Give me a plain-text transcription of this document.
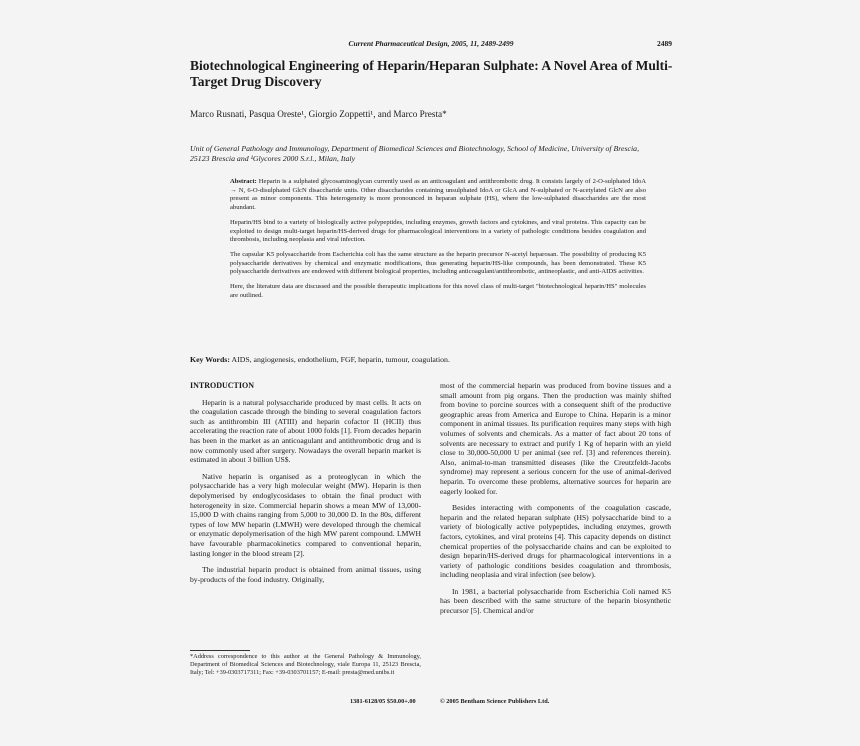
Current Pharmaceutical Design, 2005, 11, 2489-2499	2489
Biotechnological Engineering of Heparin/Heparan Sulphate: A Novel Area of Multi-Target Drug Discovery
Marco Rusnati, Pasqua Oreste¹, Giorgio Zoppetti¹, and Marco Presta*
Unit of General Pathology and Immunology, Department of Biomedical Sciences and Biotechnology, School of Medicine, University of Brescia, 25123 Brescia and ¹Glycores 2000 S.r.l., Milan, Italy

Abstract: Heparin is a sulphated glycosaminoglycan currently used as an anticoagulant and antithrombotic drug. It consists largely of 2-O-sulphated IdoA → N, 6-O-disulphated GlcN disaccharide units. Other disaccharides containing unsulphated IdoA or GlcA and N-sulphated or N-acetylated GlcN are also present as minor components. This heterogeneity is more pronounced in heparan sulphate (HS), where the low-sulphated disaccharides are the most abundant.

Heparin/HS bind to a variety of biologically active polypeptides, including enzymes, growth factors and cytokines, and viral proteins. This capacity can be exploited to design multi-target heparin/HS-derived drugs for pharmacological interventions in a variety of pathologic conditions besides coagulation and thrombosis, including neoplasia and viral infection.

The capsular K5 polysaccharide from Escherichia coli has the same structure as the heparin precursor N-acetyl heparosan. The possibility of producing K5 polysaccharide derivatives by chemical and enzymatic modifications, thus generating heparin/HS-like compounds, has been demonstrated. These K5 polysaccharide derivatives are endowed with different biological properties, including anticoagulant/antithrombotic, antineoplastic, and anti-AIDS activities.

Here, the literature data are discussed and the possible therapeutic implications for this novel class of multi-target "biotechnological heparin/HS" molecules are outlined.

Key Words: AIDS, angiogenesis, endothelium, FGF, heparin, tumour, coagulation.
INTRODUCTION

Heparin is a natural polysaccharide produced by mast cells. It acts on the coagulation cascade through the binding to several coagulation factors such as antithrombin III (ATIII) and heparin cofactor II (HCII) thus accelerating the reaction rate of about 1000 folds [1]. From decades heparin has been in the market as an anticoagulant and antithrombotic drug and is now commonly used after surgery. Nowadays the overall heparin market is estimated in about 3 billion US$.

Native heparin is organised as a proteoglycan in which the polysaccharide has a very high molecular weight (MW). Heparin is then depolymerised by endoglycosidases to obtain the final product with heterogeneity in size. Commercial heparin shows a mean MW of 13,000-15,000 D with chains ranging from 5,000 to 30,000 D. In the 80s, different types of low MW heparin (LMWH) were developed through the chemical or enzymatic depolymerisation of the high MW parent compound. LMWH have favourable pharmacokinetics compared to conventional heparin, lasting longer in the blood stream [2].

The industrial heparin product is obtained from animal tissues, using by-products of the food industry. Originally,

most of the commercial heparin was produced from bovine tissues and a small amount from pig organs. Then the production was mainly shifted from bovine to porcine sources with a consequent shift of the productive geographic areas from America and Europe to China. Heparin is a minor component in animal tissues. Its purification requires many steps with high volumes of solvents and chemicals. As a matter of fact about 20 tons of solvents are necessary to extract and purify 1 Kg of heparin with an yield close to 30,000-50,000 U per animal (see ref. [3] and references therein). Also, animal-to-man transmitted diseases (like the Creutzfeldt-Jacobs syndrome) may represent a serious concern for the use of animal-derived heparin. To overcome these problems, alternative sources for heparin are eagerly looked for.

Besides interacting with components of the coagulation cascade, heparin and the related heparan sulphate (HS) polysaccharide bind to a variety of biologically active polypeptides, including enzymes, growth factors, cytokines, and viral proteins [4]. This capacity depends on distinct chemical properties of the polysaccharide chains and can be exploited to design heparin/HS-derived drugs for pharmacological interventions in a variety of pathologic conditions besides coagulation and thrombosis, including neoplasia and viral infection (see below).

In 1981, a bacterial polysaccharide from Escherichia Coli named K5 has been described with the same structure of the heparin biosynthetic precursor [5]. Chemical and/or

*Address correspondence to this author at the General Pathology & Immunology, Department of Biomedical Sciences and Biotechnology, viale Europa 11, 25123 Brescia, Italy; Tel: +39-0303717311; Fax: +39-0303701157; E-mail: presta@med.unibs.it
1381-6128/05 $50.00+.00	© 2005 Bentham Science Publishers Ltd.
